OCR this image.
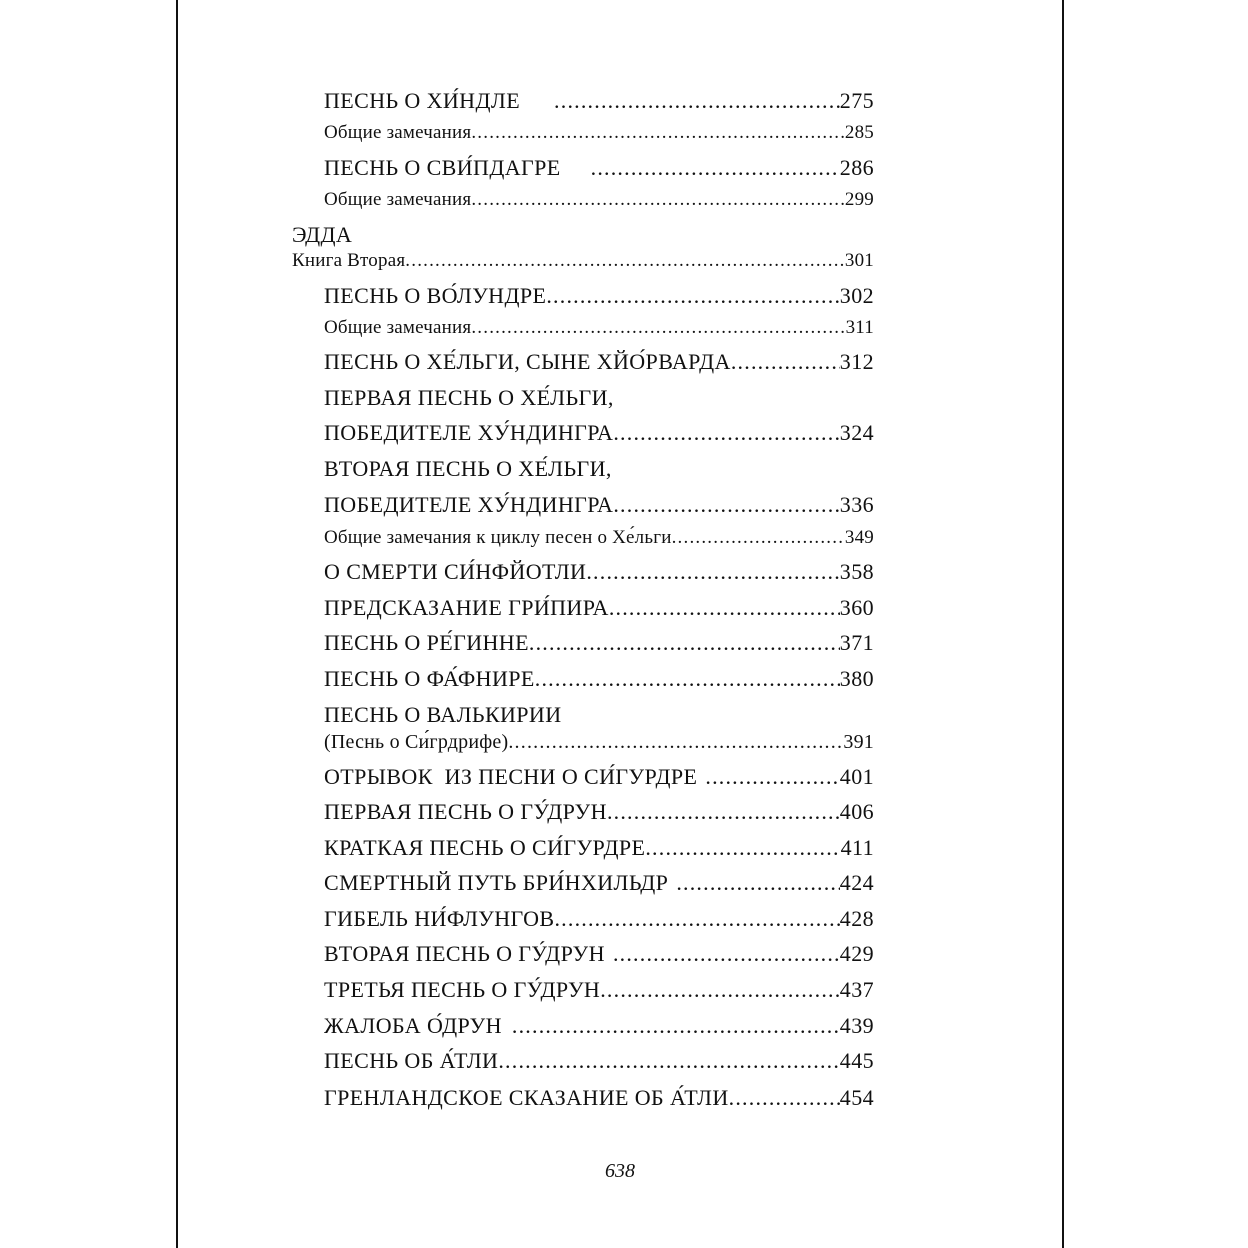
ПЕСНЬ О ХИ́НДЛЕ .....	275
Общие замечания .....	285
ПЕСНЬ О СВИ́ПДАГРЕ .....	286
Общие замечания .....	299
ЭДДА
Книга Вторая .....	301
ПЕСНЬ О ВО́ЛУНДРЕ .....	302
Общие замечания .....	311
ПЕСНЬ О ХЕ́ЛЬГИ, СЫНЕ ХЙО́РВАРДА .....	312
ПЕРВАЯ ПЕСНЬ О ХЕ́ЛЬГИ,
ПОБЕДИТЕЛЕ ХУ́НДИНГРА .....	324
ВТОРАЯ ПЕСНЬ О ХЕ́ЛЬГИ,
ПОБЕДИТЕЛЕ ХУ́НДИНГРА .....	336
Общие замечания к циклу песен о Хе́льги .....	349
О СМЕРТИ СИ́НФЙОТЛИ .....	358
ПРЕДСКАЗАНИЕ ГРИ́ПИРА .....	360
ПЕСНЬ О РЕ́ГИННЕ .....	371
ПЕСНЬ О ФА́ФНИРЕ .....	380
ПЕСНЬ О ВАЛЬКИРИИ
(Песнь о Си́грдрифе) .....	391
ОТРЫВОК  ИЗ ПЕСНИ О СИ́ГУРДРЕ .....	401
ПЕРВАЯ ПЕСНЬ О ГУ́ДРУН .....	406
КРАТКАЯ ПЕСНЬ О СИ́ГУРДРЕ .....	411
СМЕРТНЫЙ ПУТЬ БРИ́НХИЛЬДР .....	424
ГИБЕЛЬ НИ́ФЛУНГОВ .....	428
ВТОРАЯ ПЕСНЬ О ГУ́ДРУН .....	429
ТРЕТЬЯ ПЕСНЬ О ГУ́ДРУН .....	437
ЖАЛОБА О́ДРУН .....	439
ПЕСНЬ ОБ А́ТЛИ .....	445
ГРЕНЛАНДСКОЕ СКАЗАНИЕ ОБ А́ТЛИ .....	454
638
